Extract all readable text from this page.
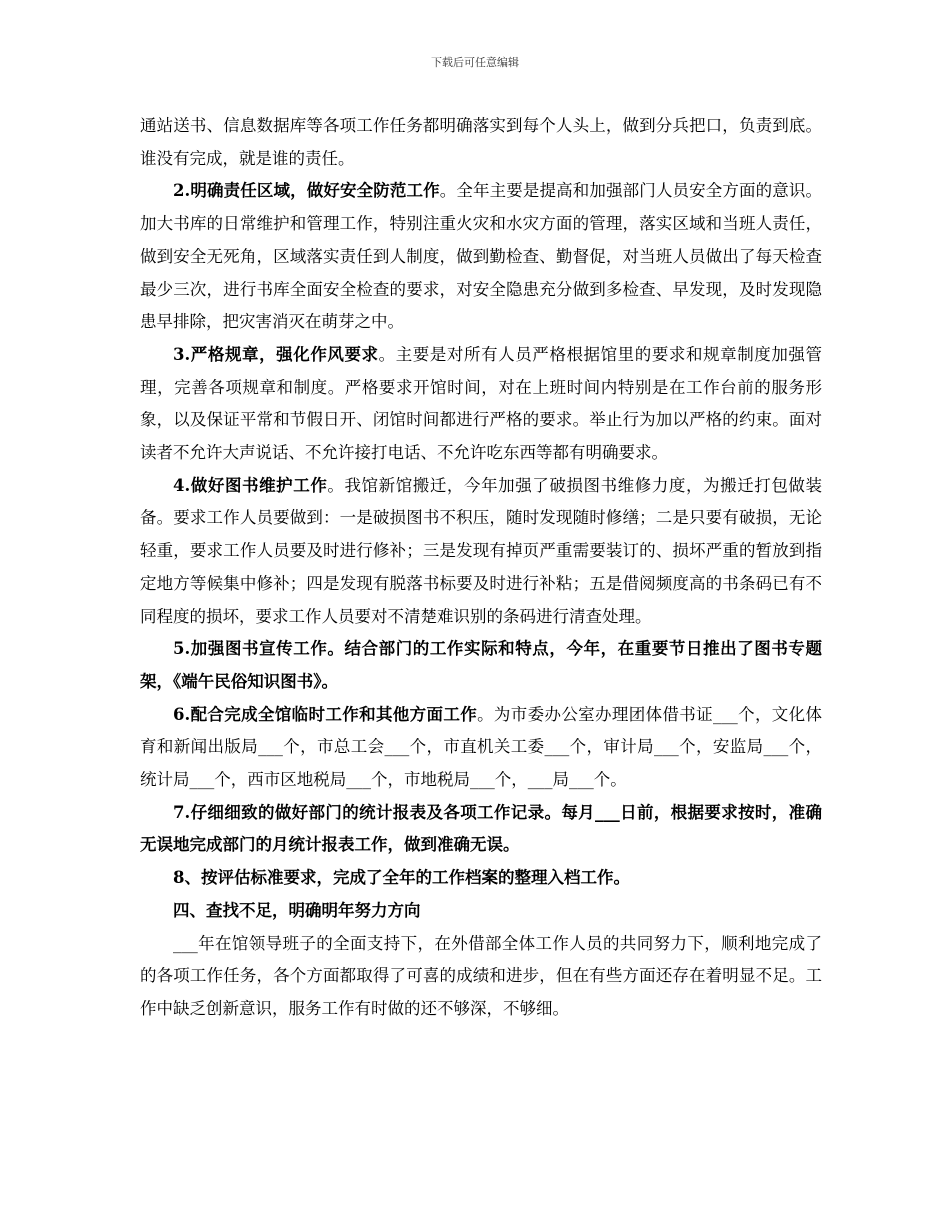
下载后可任意编辑

通站送书、信息数据库等各项工作任务都明确落实到每个人头上，做到分兵把口，负责到底。谁没有完成，就是谁的责任。

2.明确责任区域，做好安全防范工作。全年主要是提高和加强部门人员安全方面的意识。加大书库的日常维护和管理工作，特别注重火灾和水灾方面的管理，落实区域和当班人责任，做到安全无死角，区域落实责任到人制度，做到勤检查、勤督促，对当班人员做出了每天检查最少三次，进行书库全面安全检查的要求，对安全隐患充分做到多检查、早发现，及时发现隐患早排除，把灾害消灭在萌芽之中。

3.严格规章，强化作风要求。主要是对所有人员严格根据馆里的要求和规章制度加强管理，完善各项规章和制度。严格要求开馆时间，对在上班时间内特别是在工作台前的服务形象，以及保证平常和节假日开、闭馆时间都进行严格的要求。举止行为加以严格的约束。面对读者不允许大声说话、不允许接打电话、不允许吃东西等都有明确要求。

4.做好图书维护工作。我馆新馆搬迁，今年加强了破损图书维修力度，为搬迁打包做装备。要求工作人员要做到：一是破损图书不积压，随时发现随时修缮；二是只要有破损，无论轻重，要求工作人员要及时进行修补；三是发现有掉页严重需要装订的、损坏严重的暂放到指定地方等候集中修补；四是发现有脱落书标要及时进行补粘；五是借阅频度高的书条码已有不同程度的损坏，要求工作人员要对不清楚难识别的条码进行清查处理。

5.加强图书宣传工作。结合部门的工作实际和特点，今年，在重要节日推出了图书专题架，《端午民俗知识图书》。

6.配合完成全馆临时工作和其他方面工作。为市委办公室办理团体借书证___个，文化体育和新闻出版局___个，市总工会___个，市直机关工委___个，审计局___个，安监局___个，统计局___个，西市区地税局___个，市地税局___个，___局___个。

7.仔细细致的做好部门的统计报表及各项工作记录。每月___日前，根据要求按时，准确无误地完成部门的月统计报表工作，做到准确无误。

8、按评估标准要求，完成了全年的工作档案的整理入档工作。

四、查找不足，明确明年努力方向

___年在馆领导班子的全面支持下，在外借部全体工作人员的共同努力下，顺利地完成了的各项工作任务，各个方面都取得了可喜的成绩和进步，但在有些方面还存在着明显不足。工作中缺乏创新意识，服务工作有时做的还不够深，不够细。
